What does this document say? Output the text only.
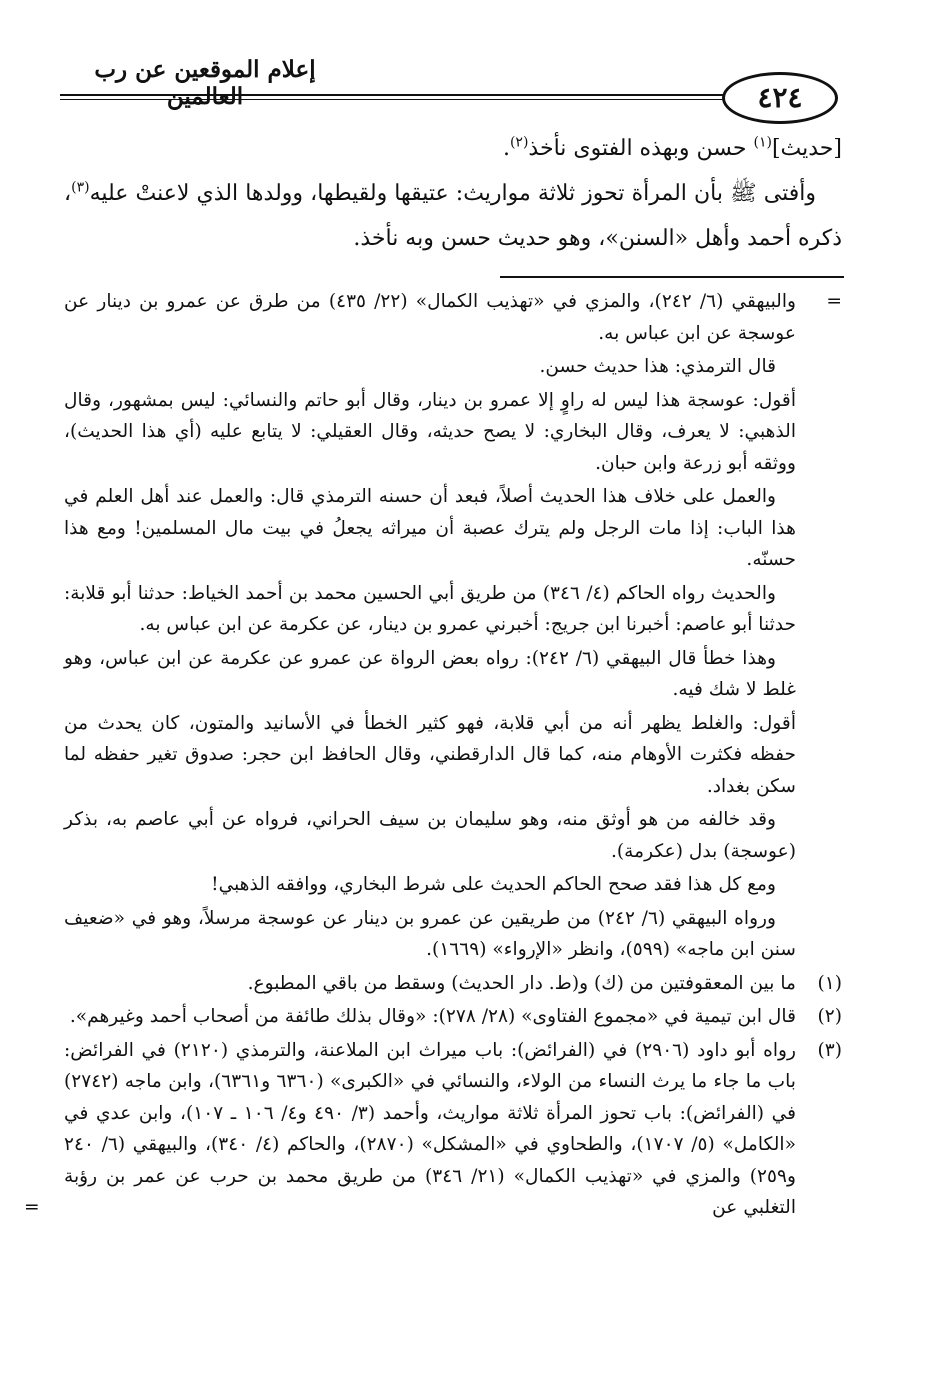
إعلام الموقعين عن رب العالمين	٤٢٤

[حديث]$^{(١)}$ حسن وبهذه الفتوى نأخذ$^{(٢)}$.

وأفتى ﷺ بأن المرأة تحوز ثلاثة مواريث: عتيقها ولقيطها، وولدها الذي لاعنتْ عليه$^{(٣)}$، ذكره أحمد وأهل «السنن»، وهو حديث حسن وبه نأخذ.

=
والبيهقي (٦/ ٢٤٢)، والمزي في «تهذيب الكمال» (٢٢/ ٤٣٥) من طرق عن عمرو بن دينار عن عوسجة عن ابن عباس به.
قال الترمذي: هذا حديث حسن.
أقول: عوسجة هذا ليس له راوٍ إلا عمرو بن دينار، وقال أبو حاتم والنسائي: ليس بمشهور، وقال الذهبي: لا يعرف، وقال البخاري: لا يصح حديثه، وقال العقيلي: لا يتابع عليه (أي هذا الحديث)، ووثقه أبو زرعة وابن حبان.
والعمل على خلاف هذا الحديث أصلاً، فبعد أن حسنه الترمذي قال: والعمل عند أهل العلم في هذا الباب: إذا مات الرجل ولم يترك عصبة أن ميراثه يجعلُ في بيت مال المسلمين! ومع هذا حسنّه.
والحديث رواه الحاكم (٤/ ٣٤٦) من طريق أبي الحسين محمد بن أحمد الخياط: حدثنا أبو قلابة: حدثنا أبو عاصم: أخبرنا ابن جريج: أخبرني عمرو بن دينار، عن عكرمة عن ابن عباس به.
وهذا خطأ قال البيهقي (٦/ ٢٤٢): رواه بعض الرواة عن عمرو عن عكرمة عن ابن عباس، وهو غلط لا شك فيه.
أقول: والغلط يظهر أنه من أبي قلابة، فهو كثير الخطأ في الأسانيد والمتون، كان يحدث من حفظه فكثرت الأوهام منه، كما قال الدارقطني، وقال الحافظ ابن حجر: صدوق تغير حفظه لما سكن بغداد.
وقد خالفه من هو أوثق منه، وهو سليمان بن سيف الحراني، فرواه عن أبي عاصم به، بذكر (عوسجة) بدل (عكرمة).
ومع كل هذا فقد صحح الحاكم الحديث على شرط البخاري، ووافقه الذهبي!
ورواه البيهقي (٦/ ٢٤٢) من طريقين عن عمرو بن دينار عن عوسجة مرسلاً، وهو في «ضعيف سنن ابن ماجه» (٥٩٩)، وانظر «الإرواء» (١٦٦٩).
(١)
ما بين المعقوفتين من (ك) و(ط. دار الحديث) وسقط من باقي المطبوع.
(٢)
قال ابن تيمية في «مجموع الفتاوى» (٢٨/ ٢٧٨): «وقال بذلك طائفة من أصحاب أحمد وغيرهم».
(٣)
رواه أبو داود (٢٩٠٦) في (الفرائض): باب ميراث ابن الملاعنة، والترمذي (٢١٢٠) في الفرائض: باب ما جاء ما يرث النساء من الولاء، والنسائي في «الكبرى» (٦٣٦٠ و٦٣٦١)، وابن ماجه (٢٧٤٢) في (الفرائض): باب تحوز المرأة ثلاثة مواريث، وأحمد (٣/ ٤٩٠ و٤/ ١٠٦ ـ ١٠٧)، وابن عدي في «الكامل» (٥/ ١٧٠٧)، والطحاوي في «المشكل» (٢٨٧٠)، والحاكم (٤/ ٣٤٠)، والبيهقي (٦/ ٢٤٠ و٢٥٩) والمزي في «تهذيب الكمال» (٢١/ ٣٤٦) من طريق محمد بن حرب عن عمر بن رؤبة التغلبي عن
=
